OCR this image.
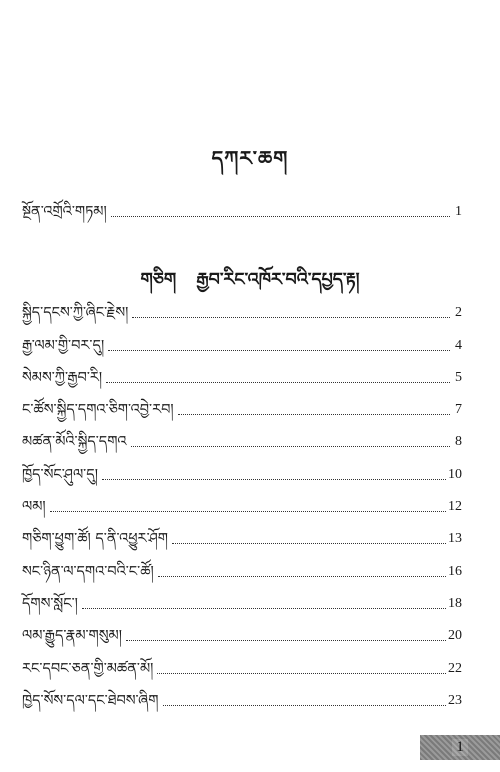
དཀར་ཆག
སྔོན་འགྲོའི་གཏམ།	1
གཅིག རྒྱབ་རིང་འཁོར་བའི་དཔྱད་རྟ།
སྐྱིད་དངས་ཀྱི་ཞིང་རྗེས།	2
རྒྱ་ལམ་གྱི་བར་དུ།	4
སེམས་ཀྱི་རྒྱབ་རི།	5
ང་ཚོས་སྐྱིད་དགའ་ཅིག་འབྱེ་རབ།	7
མཚན་མོའི་སྐྱིད་དགའ	8
ཁྱོད་སོང་ཤུལ་དུ།	10
ལམ།	12
གཅིག་ཕྱུག་ཚོ། ད་ནི་འཕྱུར་ཤོག	13
སང་ཉིན་ལ་དགའ་བའི་ང་ཚོ།	16
དོགས་སློང་།	18
ལམ་རྒྱུད་རྣམ་གསུམ།	20
རང་དབང་ཅན་གྱི་མཚན་མོ།	22
ཁྱེད་སོས་དལ་དང་ཐེབས་ཞིག	23
1
